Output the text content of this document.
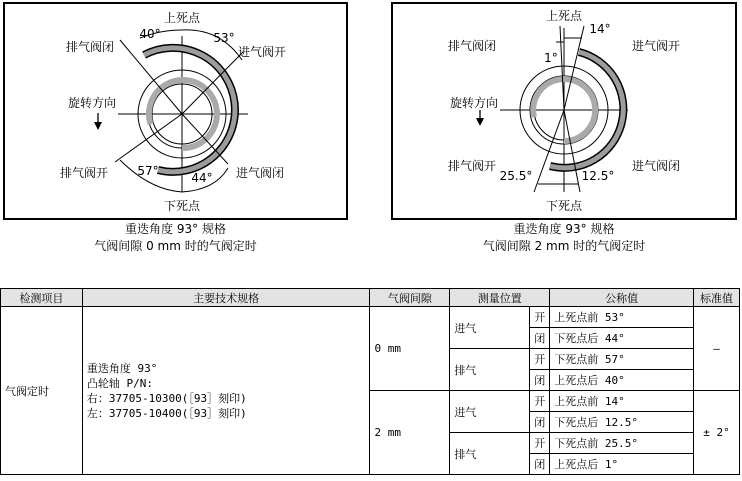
上死点
下死点
旋转方向
排气阀闭	进气阀开
排气阀开	进气阀闭
40°	53°
57°	44°
重迭角度 93° 规格
气阀间隙 0 mm 时的气阀定时
上死点
下死点
旋转方向
排气阀闭	进气阀开
排气阀开	进气阀闭
1°
14°
25.5°	12.5°
重迭角度 93° 规格
气阀间隙 2 mm 时的气阀定时
检测项目	主要技术规格	气阀间隙	测量位置		公称值	标准值
气阀定时	重迭角度 93°
凸轮轴 P/N:
右：37705-10300(［93］刻印)
左：37705-10400(［93］刻印)	0 mm	进气	开	上死点前 53°	–
				闭	下死点后 44°	
			排气	开	下死点前 57°	
				闭	上死点后 40°	
		2 mm	进气	开	上死点前 14°	± 2°
				闭	下死点后 12.5°	
			排气	开	下死点前 25.5°	
				闭	上死点后 1°	
